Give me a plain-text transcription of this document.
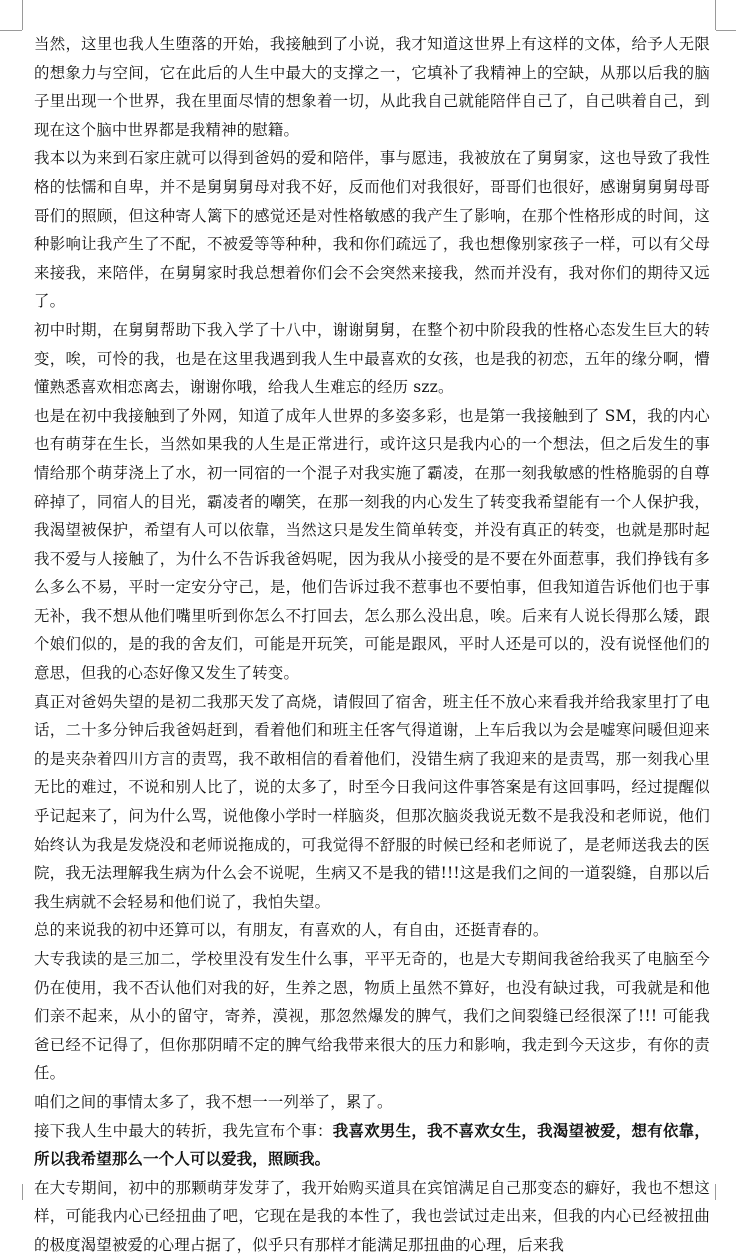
当然，这里也我人生堕落的开始，我接触到了小说，我才知道这世界上有这样的文体，给予人无限的想象力与空间，它在此后的人生中最大的支撑之一，它填补了我精神上的空缺，从那以后我的脑子里出现一个世界，我在里面尽情的想象着一切，从此我自己就能陪伴自己了，自己哄着自己，到现在这个脑中世界都是我精神的慰籍。

我本以为来到石家庄就可以得到爸妈的爱和陪伴，事与愿违，我被放在了舅舅家，这也导致了我性格的怯懦和自卑，并不是舅舅舅母对我不好，反而他们对我很好，哥哥们也很好，感谢舅舅舅母哥哥们的照顾，但这种寄人篱下的感觉还是对性格敏感的我产生了影响，在那个性格形成的时间，这种影响让我产生了不配，不被爱等等种种，我和你们疏远了，我也想像别家孩子一样，可以有父母来接我，来陪伴，在舅舅家时我总想着你们会不会突然来接我，然而并没有，我对你们的期待又远了。

初中时期，在舅舅帮助下我入学了十八中，谢谢舅舅，在整个初中阶段我的性格心态发生巨大的转变，唉，可怜的我，也是在这里我遇到我人生中最喜欢的女孩，也是我的初恋，五年的缘分啊，懵懂熟悉喜欢相恋离去，谢谢你哦，给我人生难忘的经历 szz。

也是在初中我接触到了外网，知道了成年人世界的多姿多彩，也是第一我接触到了 SM，我的内心也有萌芽在生长，当然如果我的人生是正常进行，或许这只是我内心的一个想法，但之后发生的事情给那个萌芽浇上了水，初一同宿的一个混子对我实施了霸凌，在那一刻我敏感的性格脆弱的自尊碎掉了，同宿人的目光，霸凌者的嘲笑，在那一刻我的内心发生了转变我希望能有一个人保护我，我渴望被保护，希望有人可以依靠，当然这只是发生简单转变，并没有真正的转变，也就是那时起我不爱与人接触了，为什么不告诉我爸妈呢，因为我从小接受的是不要在外面惹事，我们挣钱有多么多么不易，平时一定安分守己，是，他们告诉过我不惹事也不要怕事，但我知道告诉他们也于事无补，我不想从他们嘴里听到你怎么不打回去，怎么那么没出息，唉。后来有人说长得那么矮，跟个娘们似的，是的我的舍友们，可能是开玩笑，可能是跟风，平时人还是可以的，没有说怪他们的意思，但我的心态好像又发生了转变。

真正对爸妈失望的是初二我那天发了高烧，请假回了宿舍，班主任不放心来看我并给我家里打了电话，二十多分钟后我爸妈赶到，看着他们和班主任客气得道谢，上车后我以为会是嘘寒问暖但迎来的是夹杂着四川方言的责骂，我不敢相信的看着他们，没错生病了我迎来的是责骂，那一刻我心里无比的难过，不说和别人比了，说的太多了，时至今日我问这件事答案是有这回事吗，经过提醒似乎记起来了，问为什么骂，说他像小学时一样脑炎，但那次脑炎我说无数不是我没和老师说，他们始终认为我是发烧没和老师说拖成的，可我觉得不舒服的时候已经和老师说了，是老师送我去的医院，我无法理解我生病为什么会不说呢，生病又不是我的错!!!这是我们之间的一道裂缝，自那以后我生病就不会轻易和他们说了，我怕失望。

总的来说我的初中还算可以，有朋友，有喜欢的人，有自由，还挺青春的。

大专我读的是三加二，学校里没有发生什么事，平平无奇的，也是大专期间我爸给我买了电脑至今仍在使用，我不否认他们对我的好，生养之恩，物质上虽然不算好，也没有缺过我，可我就是和他们亲不起来，从小的留守，寄养，漠视，那忽然爆发的脾气，我们之间裂缝已经很深了!!! 可能我爸已经不记得了，但你那阴晴不定的脾气给我带来很大的压力和影响，我走到今天这步，有你的责任。

咱们之间的事情太多了，我不想一一列举了，累了。

接下我人生中最大的转折，我先宣布个事：我喜欢男生，我不喜欢女生，我渴望被爱，想有依靠，所以我希望那么一个人可以爱我，照顾我。

在大专期间，初中的那颗萌芽发芽了，我开始购买道具在宾馆满足自己那变态的癖好，我也不想这样，可能我内心已经扭曲了吧，它现在是我的本性了，我也尝试过走出来，但我的内心已经被扭曲的极度渴望被爱的心理占据了，似乎只有那样才能满足那扭曲的心理，后来我
